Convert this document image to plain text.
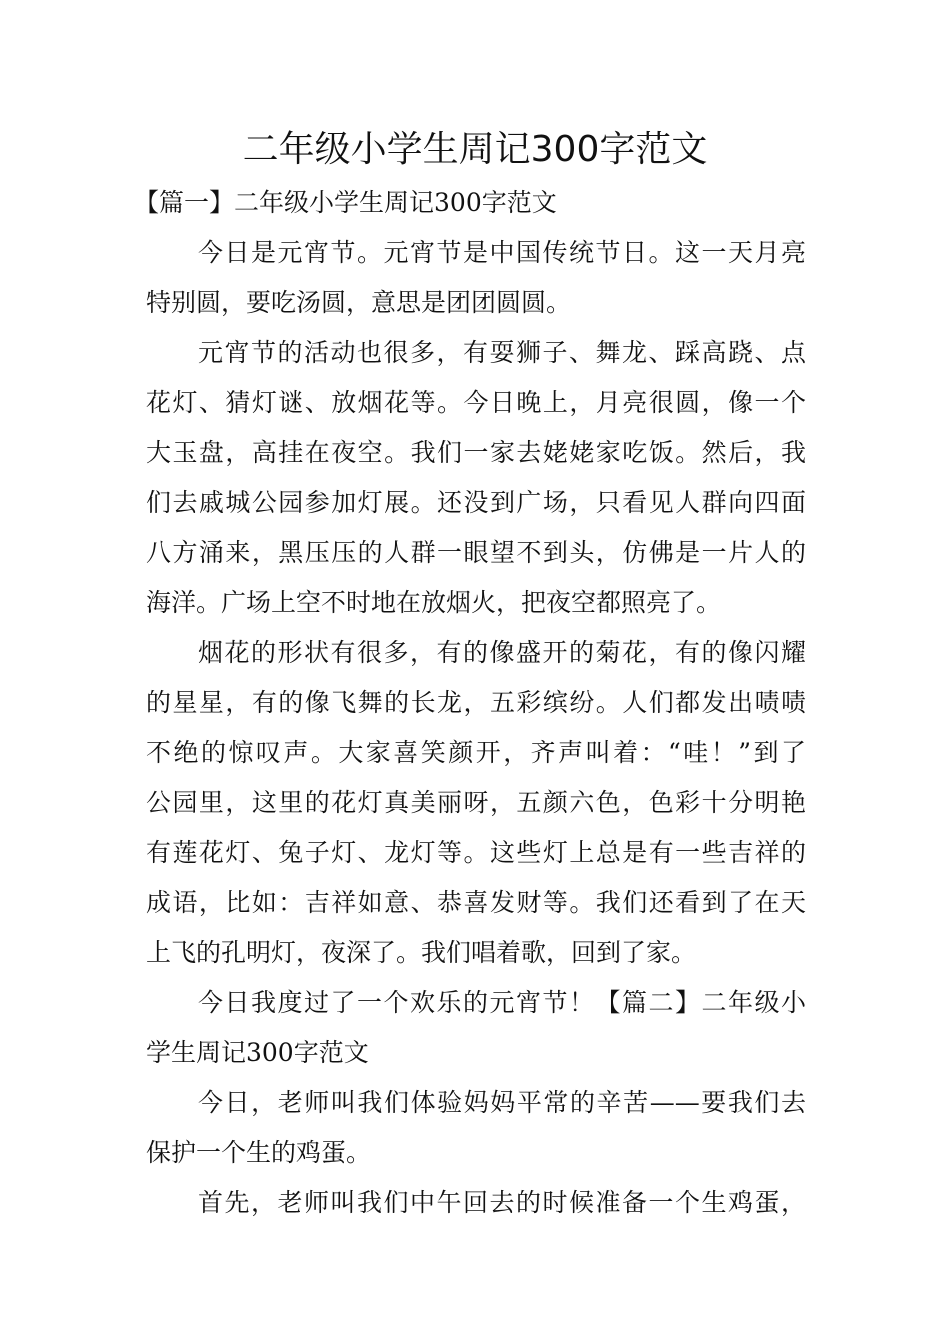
二年级小学生周记300字范文
【篇一】二年级小学生周记300字范文
今日是元宵节。元宵节是中国传统节日。这一天月亮
特别圆，要吃汤圆，意思是团团圆圆。
元宵节的活动也很多，有耍狮子、舞龙、踩高跷、点
花灯、猜灯谜、放烟花等。今日晚上，月亮很圆，像一个
大玉盘，高挂在夜空。我们一家去姥姥家吃饭。然后，我
们去戚城公园参加灯展。还没到广场，只看见人群向四面
八方涌来，黑压压的人群一眼望不到头，仿佛是一片人的
海洋。广场上空不时地在放烟火，把夜空都照亮了。
烟花的形状有很多，有的像盛开的菊花，有的像闪耀
的星星，有的像飞舞的长龙，五彩缤纷。人们都发出啧啧
不绝的惊叹声。大家喜笑颜开，齐声叫着：“哇！”到了
公园里，这里的花灯真美丽呀，五颜六色，色彩十分明艳
有莲花灯、兔子灯、龙灯等。这些灯上总是有一些吉祥的
成语，比如：吉祥如意、恭喜发财等。我们还看到了在天
上飞的孔明灯，夜深了。我们唱着歌，回到了家。
今日我度过了一个欢乐的元宵节！【篇二】二年级小
学生周记300字范文
今日，老师叫我们体验妈妈平常的辛苦——要我们去
保护一个生的鸡蛋。
首先，老师叫我们中午回去的时候准备一个生鸡蛋，
